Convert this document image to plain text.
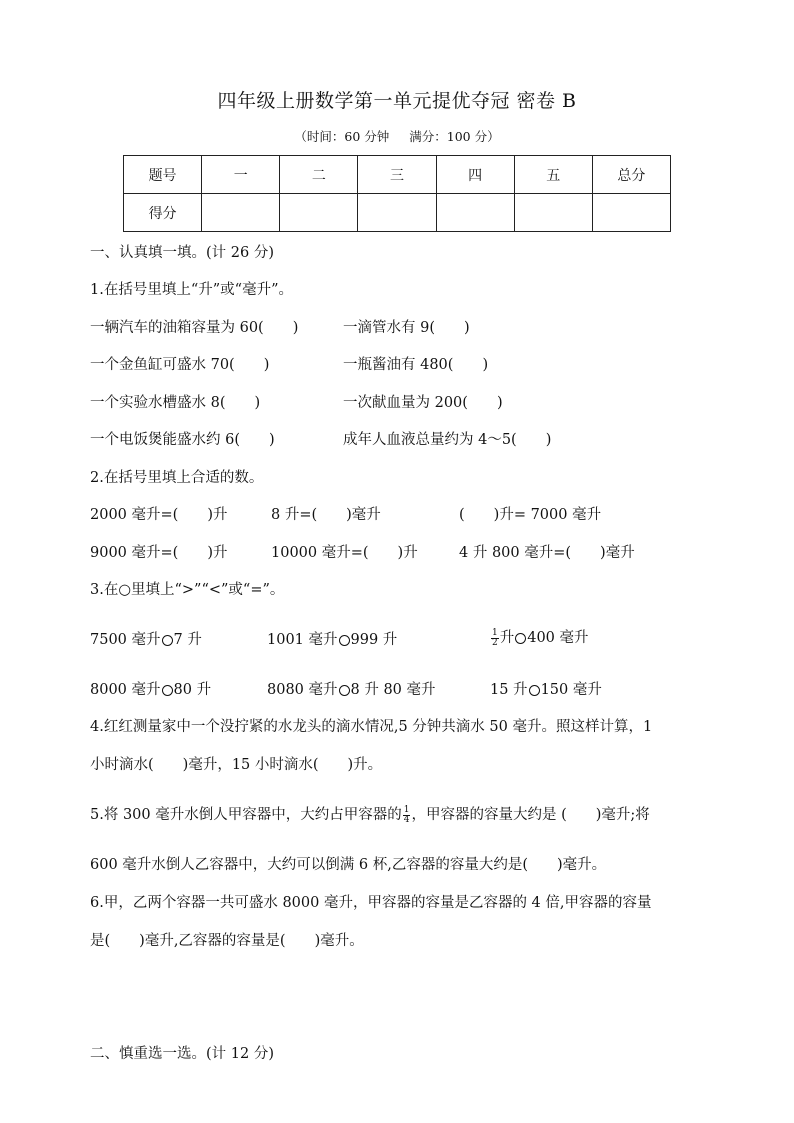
四年级上册数学第一单元提优夺冠 密卷 B
（时间：60 分钟 满分：100 分）
题号	一	二	三	四	五	总分
得分						
一、认真填一填。(计 26 分)
1.在括号里填上“升”或“毫升”。
一辆汽车的油箱容量为 60(　　)	一滴管水有 9(　　)
一个金鱼缸可盛水 70(　　)	一瓶酱油有 480(　　)
一个实验水槽盛水 8(　　)	一次献血量为 200(　　)
一个电饭煲能盛水约 6(　　)	成年人血液总量约为 4～5(　　)
2.在括号里填上合适的数。
2000 毫升=(　　)升	8 升=(　　)毫升	(　　)升= 7000 毫升
9000 毫升=(　　)升	10000 毫升=(　　)升	4 升 800 毫升=(　　)毫升
3.在○里填上“>”“<”或“=”。
7500 毫升 7 升	1001 毫升 999 升	$\frac{1}{2}$ 升 400 毫升
8000 毫升 80 升	8080 毫升 8 升 80 毫升	15 升 150 毫升
4.红红测量家中一个没拧紧的水龙头的滴水情况,5 分钟共滴水 50 毫升。照这样计算，1
小时滴水(　　)毫升，15 小时滴水(　　)升。
5.将 300 毫升水倒人甲容器中，大约占甲容器的 $\frac{1}{4}$ ，甲容器的容量大约是 (　　)毫升;将
600 毫升水倒人乙容器中，大约可以倒满 6 杯,乙容器的容量大约是(　　)毫升。
6.甲，乙两个容器一共可盛水 8000 毫升，甲容器的容量是乙容器的 4 倍,甲容器的容量
是(　　)毫升,乙容器的容量是(　　)毫升。
二、慎重选一选。(计 12 分)
